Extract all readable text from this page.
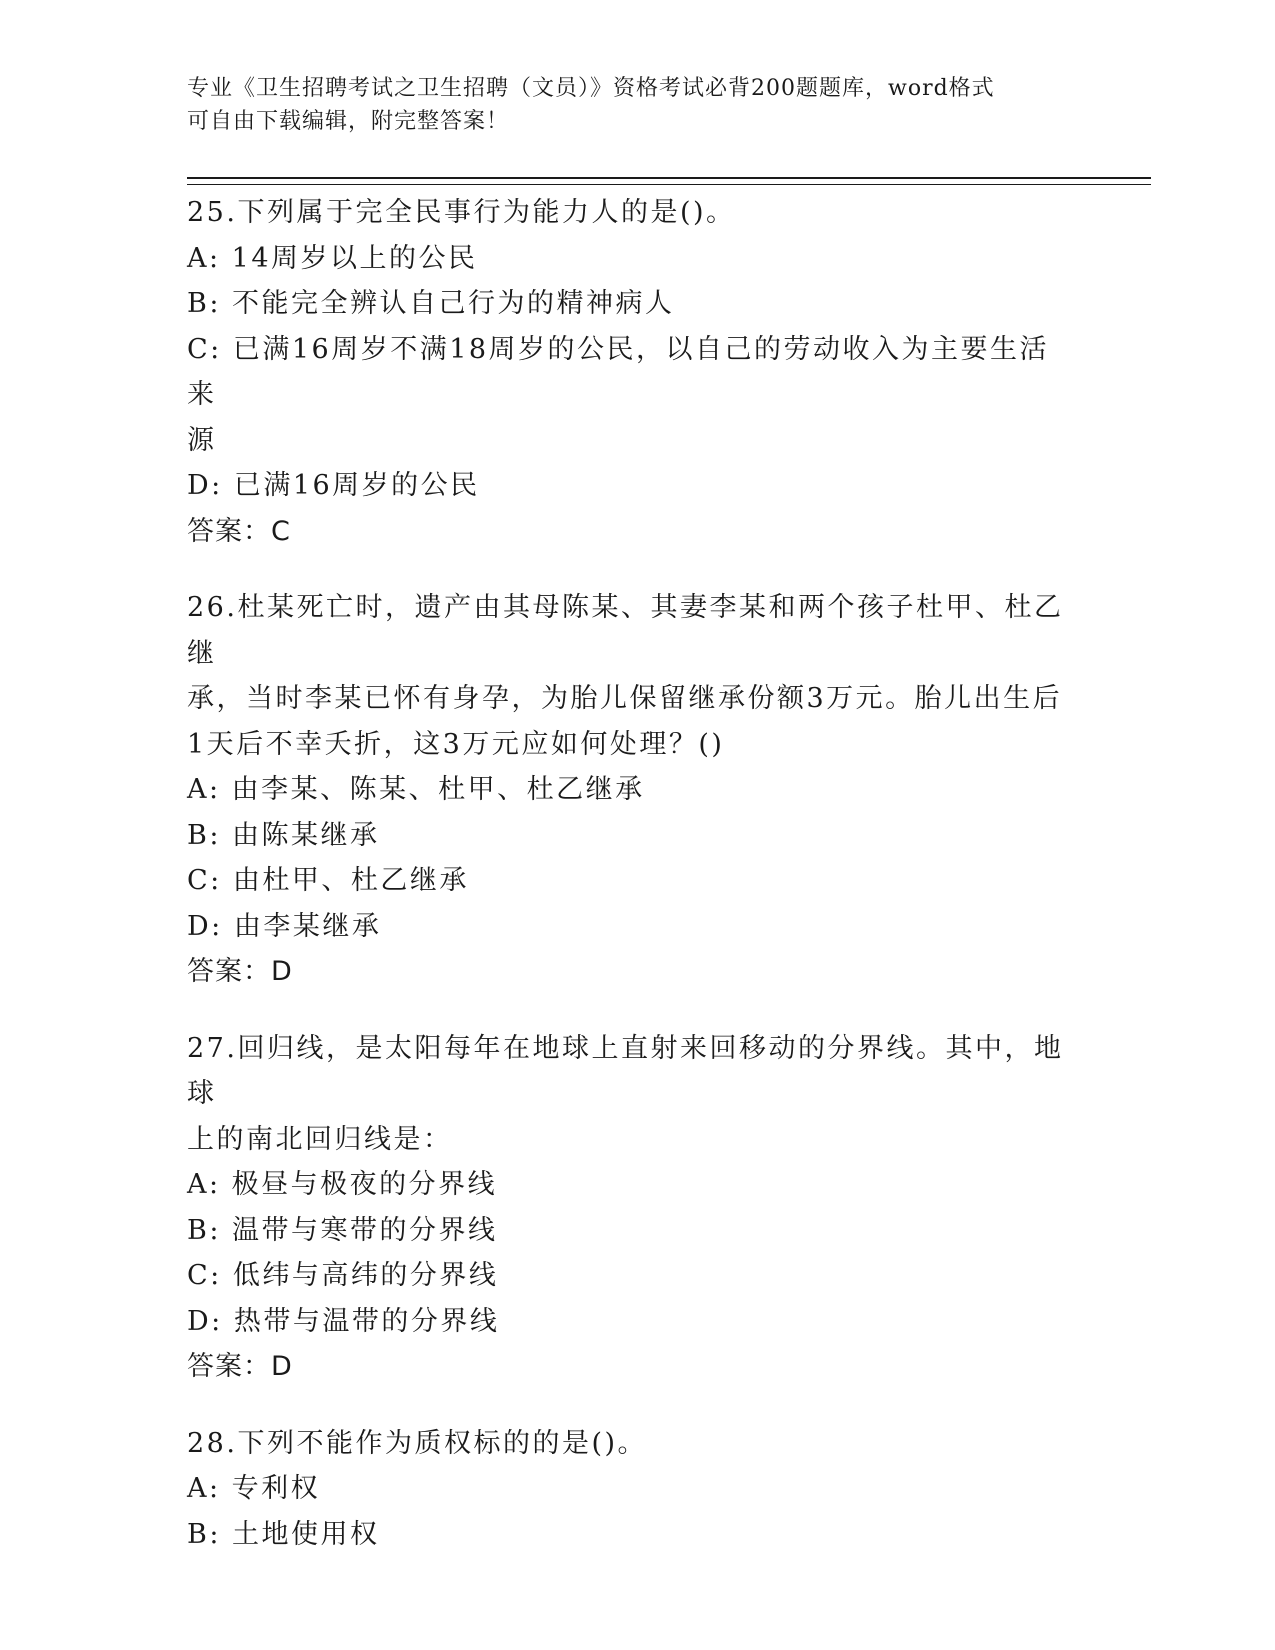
专业《卫生招聘考试之卫生招聘（文员）》资格考试必背200题题库，word格式
可自由下载编辑，附完整答案！
25.下列属于完全民事行为能力人的是()。
A: 14周岁以上的公民
B: 不能完全辨认自己行为的精神病人
C: 已满16周岁不满18周岁的公民，以自己的劳动收入为主要生活来
源
D: 已满16周岁的公民
答案：C
26.杜某死亡时，遗产由其母陈某、其妻李某和两个孩子杜甲、杜乙继
承，当时李某已怀有身孕，为胎儿保留继承份额3万元。胎儿出生后
1天后不幸夭折，这3万元应如何处理？()
A: 由李某、陈某、杜甲、杜乙继承
B: 由陈某继承
C: 由杜甲、杜乙继承
D: 由李某继承
答案：D
27.回归线，是太阳每年在地球上直射来回移动的分界线。其中，地球
上的南北回归线是：
A: 极昼与极夜的分界线
B: 温带与寒带的分界线
C: 低纬与高纬的分界线
D: 热带与温带的分界线
答案：D
28.下列不能作为质权标的的是()。
A: 专利权
B: 土地使用权
